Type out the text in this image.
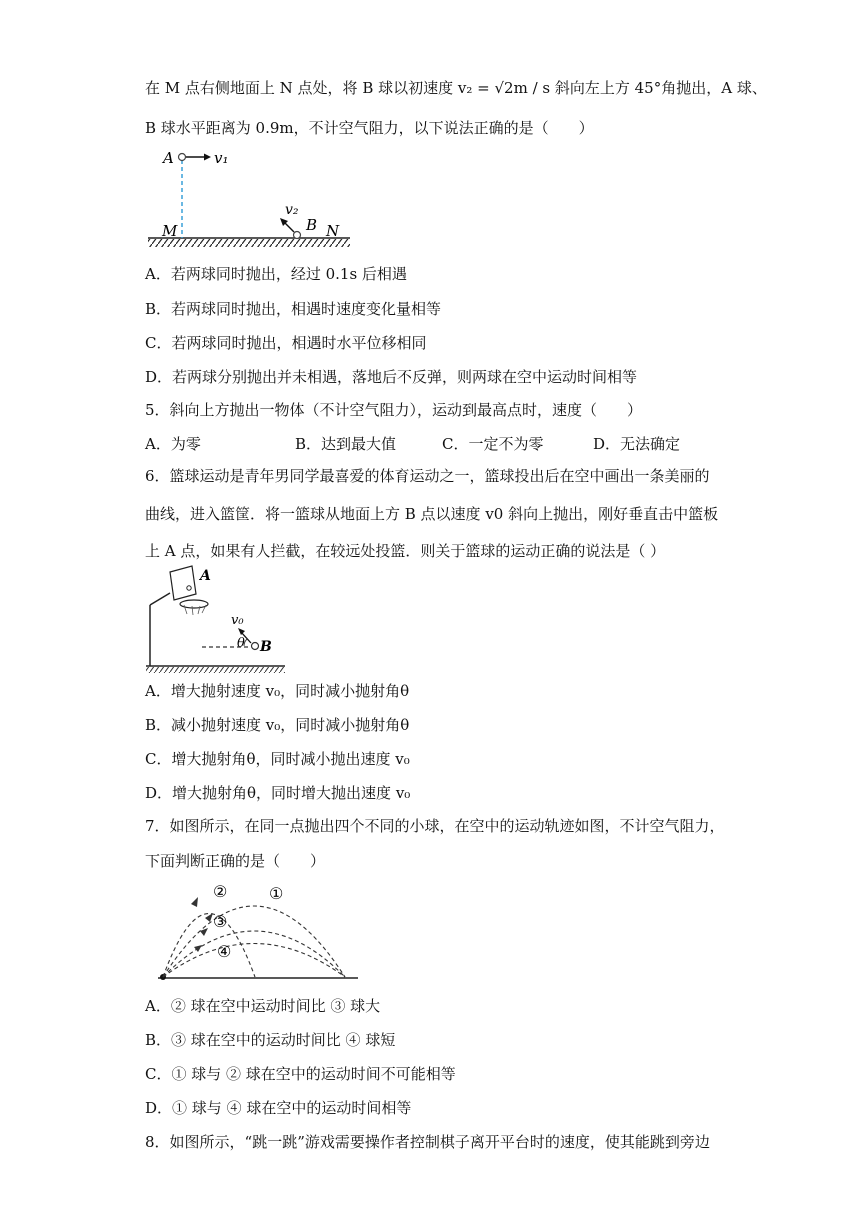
在 M 点右侧地面上 N 点处，将 B 球以初速度 v₂ = √2m / s 斜向左上方 45°角抛出，A 球、
B 球水平距离为 0.9m，不计空气阻力，以下说法正确的是（　　）
A	v₁
M
v₂
B N
A．若两球同时抛出，经过 0.1s 后相遇
B．若两球同时抛出，相遇时速度变化量相等
C．若两球同时抛出，相遇时水平位移相同
D．若两球分别抛出并未相遇，落地后不反弹，则两球在空中运动时间相等
5．斜向上方抛出一物体（不计空气阻力），运动到最高点时，速度（　　）
A．为零	B．达到最大值	C．一定不为零	D．无法确定
6．篮球运动是青年男同学最喜爱的体育运动之一，篮球投出后在空中画出一条美丽的
曲线，进入篮筐．将一篮球从地面上方 B 点以速度 v0 斜向上抛出，刚好垂直击中篮板
上 A 点，如果有人拦截，在较远处投篮．则关于篮球的运动正确的说法是（ ）
A
v₀
θ B
A．增大抛射速度 v₀，同时减小抛射角θ
B．减小抛射速度 v₀，同时减小抛射角θ
C．增大抛射角θ，同时减小抛出速度 v₀
D．增大抛射角θ，同时增大抛出速度 v₀
7．如图所示，在同一点抛出四个不同的小球，在空中的运动轨迹如图，不计空气阻力，
下面判断正确的是（　　）
②	①
③
④
A．② 球在空中运动时间比 ③ 球大
B．③ 球在空中的运动时间比 ④ 球短
C．① 球与 ② 球在空中的运动时间不可能相等
D．① 球与 ④ 球在空中的运动时间相等
8．如图所示，“跳一跳”游戏需要操作者控制棋子离开平台时的速度，使其能跳到旁边
